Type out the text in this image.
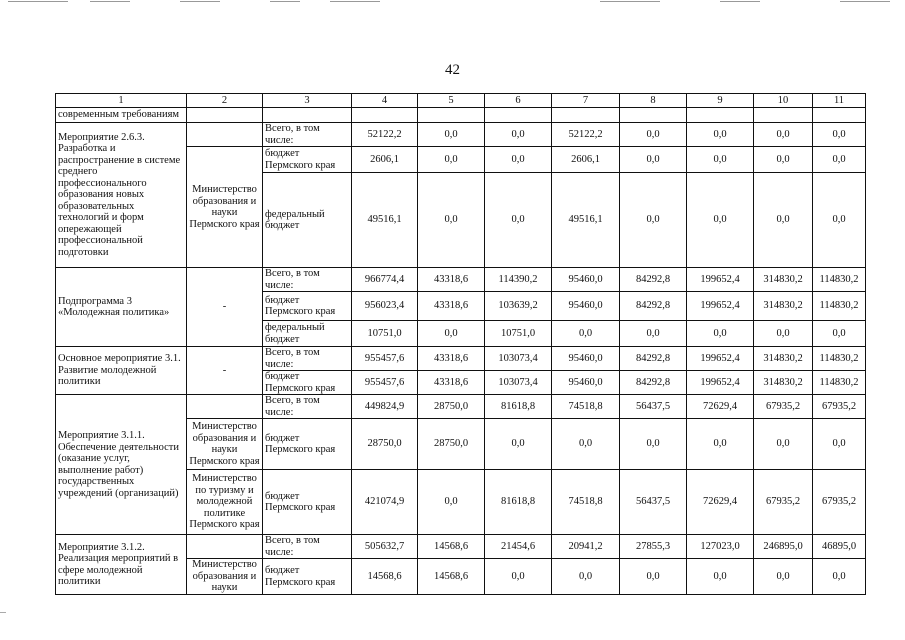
42
1	2	3	4	5	6	7	8	9	10	11
современным требованиям										
Мероприятие 2.6.3. Разработка и распространение в системе среднего профессионального образования новых образовательных технологий и форм опережающей профессиональной подготовки		Всего, в том числе:	52122,2	0,0	0,0	52122,2	0,0	0,0	0,0	0,0
	Министерство образования и науки Пермского края	бюджет Пермского края	2606,1	0,0	0,0	2606,1	0,0	0,0	0,0	0,0
		федеральный бюджет	49516,1	0,0	0,0	49516,1	0,0	0,0	0,0	0,0
Подпрограмма 3 «Молодежная политика»	-	Всего, в том числе:	966774,4	43318,6	114390,2	95460,0	84292,8	199652,4	314830,2	114830,2
		бюджет Пермского края	956023,4	43318,6	103639,2	95460,0	84292,8	199652,4	314830,2	114830,2
		федеральный бюджет	10751,0	0,0	10751,0	0,0	0,0	0,0	0,0	0,0
Основное мероприятие 3.1. Развитие молодежной политики	-	Всего, в том числе:	955457,6	43318,6	103073,4	95460,0	84292,8	199652,4	314830,2	114830,2
		бюджет Пермского края	955457,6	43318,6	103073,4	95460,0	84292,8	199652,4	314830,2	114830,2
Мероприятие 3.1.1. Обеспечение деятельности (оказание услуг, выполнение работ) государственных учреждений (организаций)		Всего, в том числе:	449824,9	28750,0	81618,8	74518,8	56437,5	72629,4	67935,2	67935,2
	Министерство образования и науки Пермского края	бюджет Пермского края	28750,0	28750,0	0,0	0,0	0,0	0,0	0,0	0,0
	Министерство по туризму и молодежной политике Пермского края	бюджет Пермского края	421074,9	0,0	81618,8	74518,8	56437,5	72629,4	67935,2	67935,2
Мероприятие 3.1.2. Реализация мероприятий в сфере молодежной политики		Всего, в том числе:	505632,7	14568,6	21454,6	20941,2	27855,3	127023,0	246895,0	46895,0
	Министерство образования и науки	бюджет Пермского края	14568,6	14568,6	0,0	0,0	0,0	0,0	0,0	0,0
